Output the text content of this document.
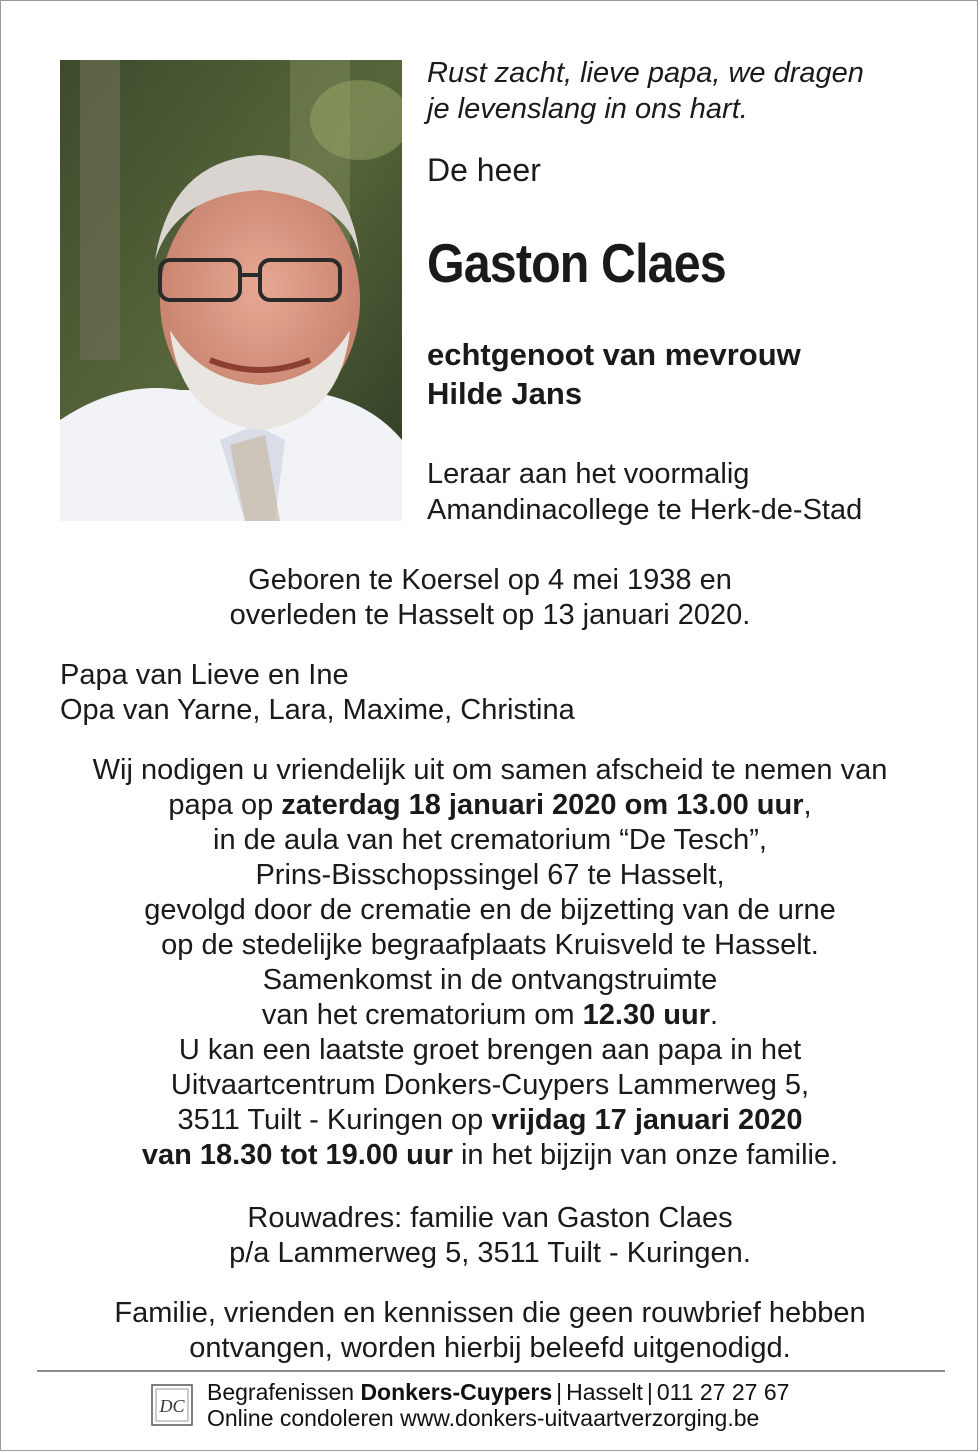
Rust zacht, lieve papa, we dragen
je levenslang in ons hart.

De heer

Gaston Claes

echtgenoot van mevrouw
Hilde Jans

Leraar aan het voormalig
Amandinacollege te Herk-de-Stad

Geboren te Koersel op 4 mei 1938 en
overleden te Hasselt op 13 januari 2020.
Papa van Lieve en Ine
Opa van Yarne, Lara, Maxime, Christina
Wij nodigen u vriendelijk uit om samen afscheid te nemen van
papa op zaterdag 18 januari 2020 om 13.00 uur,
in de aula van het crematorium “De Tesch”,
Prins-Bisschopssingel 67 te Hasselt,
gevolgd door de crematie en de bijzetting van de urne
op de stedelijke begraafplaats Kruisveld te Hasselt.
Samenkomst in de ontvangstruimte
van het crematorium om 12.30 uur.
U kan een laatste groet brengen aan papa in het
Uitvaartcentrum Donkers-Cuypers Lammerweg 5,
3511 Tuilt - Kuringen op vrijdag 17 januari 2020
van 18.30 tot 19.00 uur in het bijzijn van onze familie.
Rouwadres: familie van Gaston Claes
p/a Lammerweg 5, 3511 Tuilt - Kuringen.
Familie, vrienden en kennissen die geen rouwbrief hebben
ontvangen, worden hierbij beleefd uitgenodigd.
DC
Begrafenissen Donkers-Cuypers | Hasselt | 011 27 27 67
Online condoleren www.donkers-uitvaartverzorging.be
